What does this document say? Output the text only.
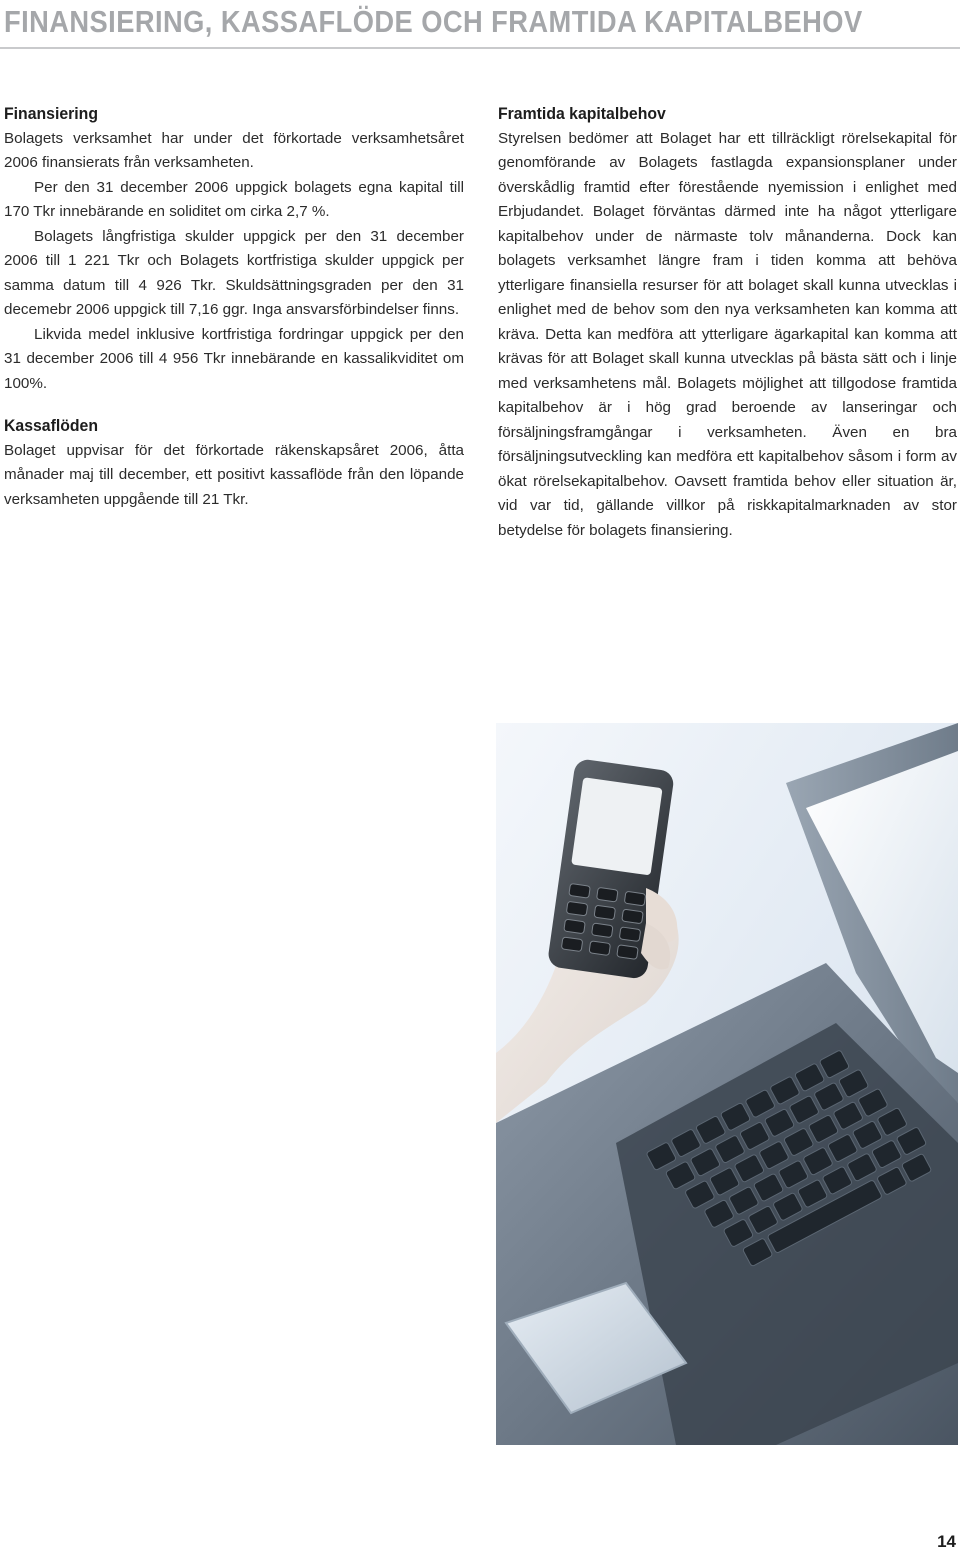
FINANSIERING, KASSAFLÖDE OCH FRAMTIDA KAPITALBEHOV
Finansiering

Bolagets verksamhet har under det förkortade verksamhetsåret 2006 finansierats från verksamheten.

Per den 31 december 2006 uppgick bolagets egna kapital till 170 Tkr innebärande en soliditet om cirka 2,7 %.

Bolagets långfristiga skulder uppgick per den 31 december 2006 till 1 221 Tkr och Bolagets kortfristiga skulder uppgick per samma datum till 4 926 Tkr. Skuldsättningsgraden per den 31 decemebr 2006 uppgick till 7,16 ggr. Inga ansvarsförbindelser finns.

Likvida medel inklusive kortfristiga fordringar uppgick per den 31 december 2006 till 4 956 Tkr innebärande en kassalikviditet om 100%.

Kassaflöden

Bolaget uppvisar för det förkortade räkenskapsåret 2006, åtta månader maj till december, ett positivt kassaflöde från den löpande verksamheten uppgående till 21 Tkr.

Framtida kapitalbehov

Styrelsen bedömer att Bolaget har ett tillräckligt rörelsekapital för genomförande av Bolagets fastlagda expansionsplaner under överskådlig framtid efter förestående nyemission i enlighet med Erbjudandet. Bolaget förväntas därmed inte ha något ytterligare kapitalbehov under de närmaste tolv månanderna. Dock kan bolagets verksamhet längre fram i tiden komma att behöva ytterligare finansiella resurser för att bolaget skall kunna utvecklas i enlighet med de behov som den nya verksamheten kan komma att kräva. Detta kan medföra att ytterligare ägarkapital kan komma att krävas för att Bolaget skall kunna utvecklas på bästa sätt och i linje med verksamhetens mål. Bolagets möjlighet att tillgodose framtida kapitalbehov är i hög grad beroende av lanseringar och försäljningsframgångar i verksamheten. Även en bra försäljningsutveckling kan medföra ett kapitalbehov såsom i form av ökat rörelsekapitalbehov. Oavsett framtida behov eller situation är, vid var tid, gällande villkor på riskkapitalmarknaden av stor betydelse för bolagets finansiering.

14
